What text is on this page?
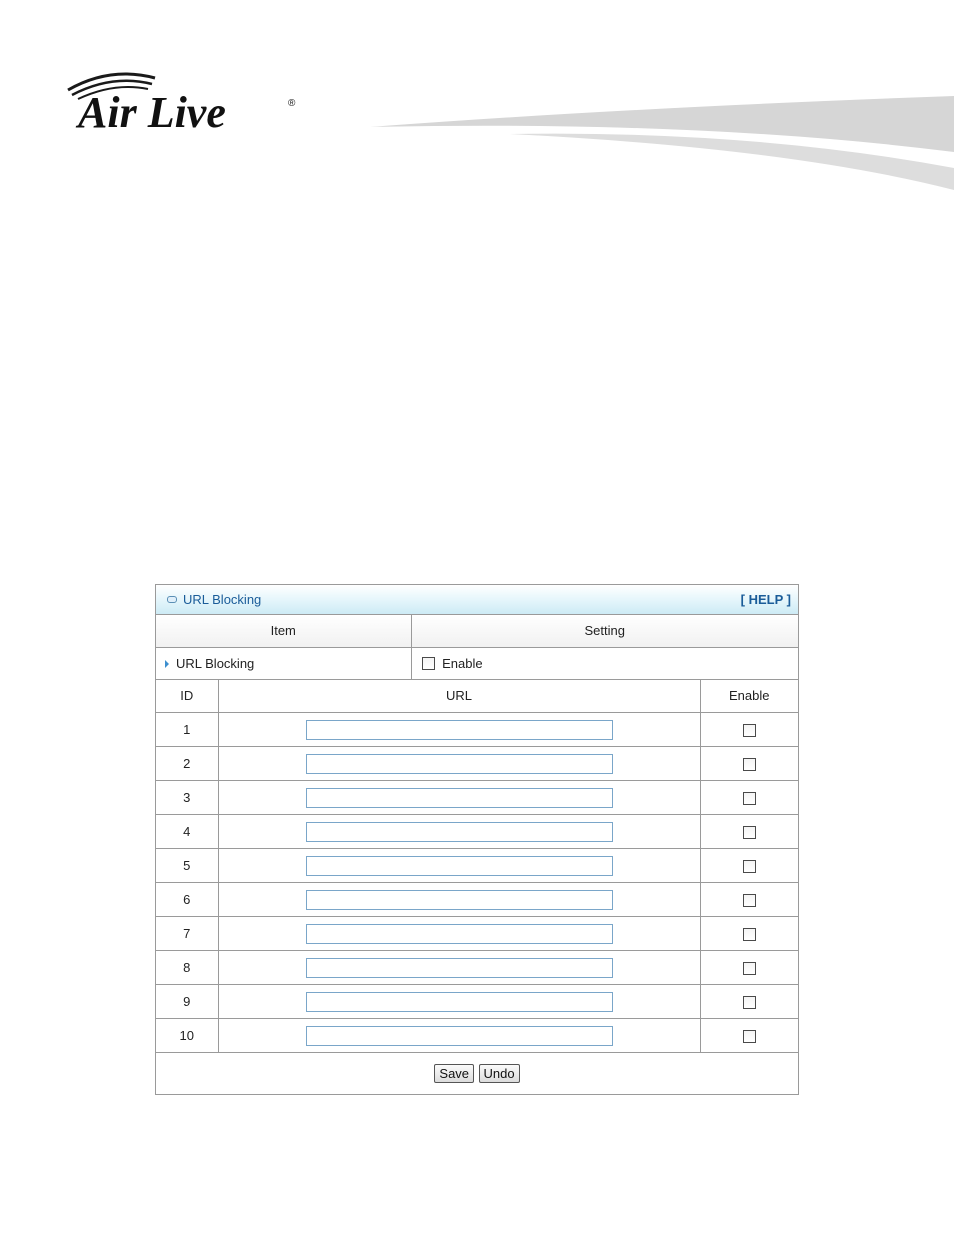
Air Live	®
URL Blocking	[ HELP ]
Item	Setting
URL Blocking	Enable
ID	URL	Enable
1		
2		
3		
4		
5		
6		
7		
8		
9		
10		
Save Undo
